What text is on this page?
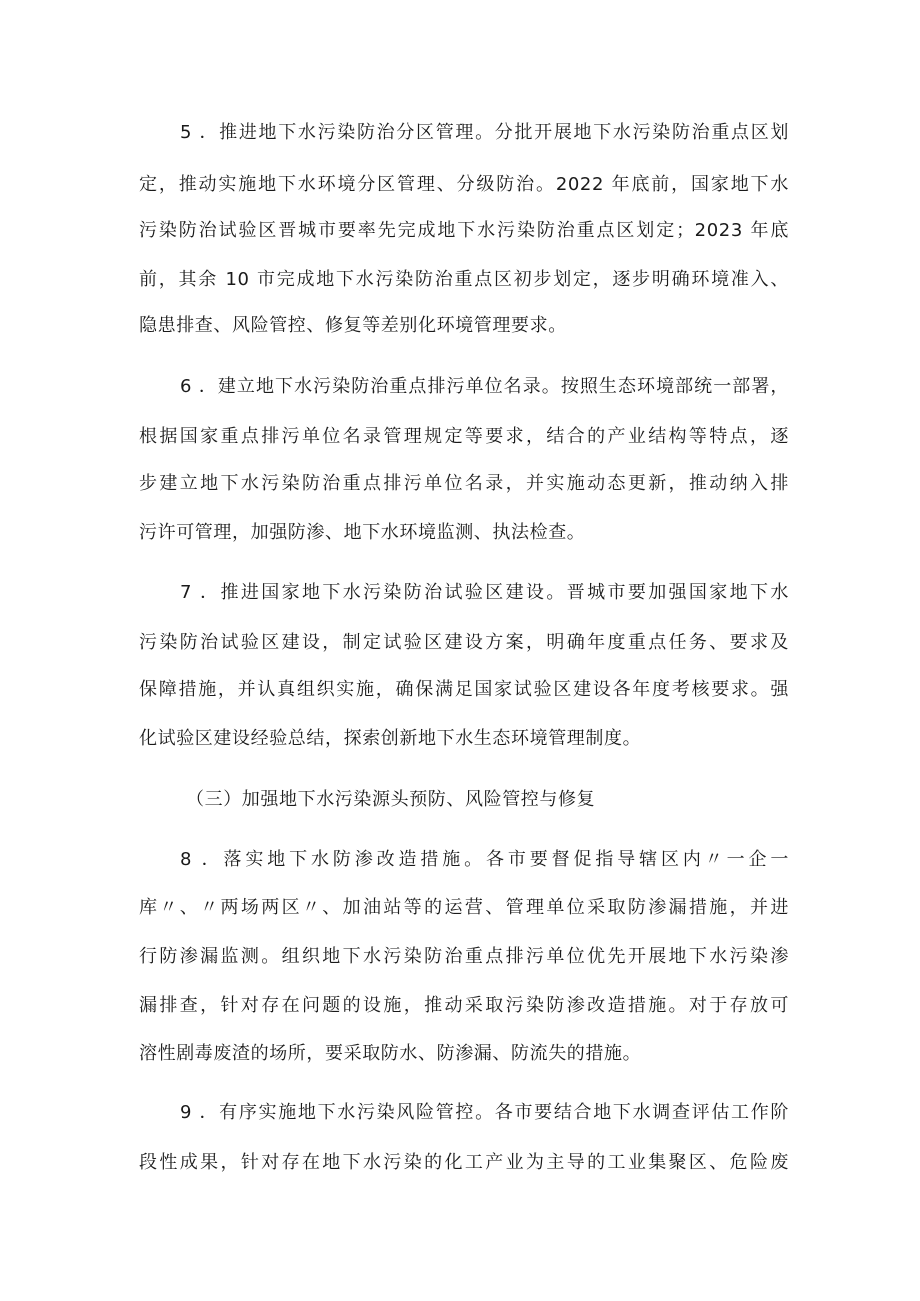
5 ．推进地下水污染防治分区管理。分批开展地下水污染防治重点区划
定，推动实施地下水环境分区管理、分级防治。2022 年底前，国家地下水
污染防治试验区晋城市要率先完成地下水污染防治重点区划定；2023 年底
前，其余 10 市完成地下水污染防治重点区初步划定，逐步明确环境准入、
隐患排查、风险管控、修复等差别化环境管理要求。
6 ．建立地下水污染防治重点排污单位名录。按照生态环境部统一部署，
根据国家重点排污单位名录管理规定等要求，结合的产业结构等特点，逐
步建立地下水污染防治重点排污单位名录，并实施动态更新，推动纳入排
污许可管理，加强防渗、地下水环境监测、执法检查。
7 ．推进国家地下水污染防治试验区建设。晋城市要加强国家地下水
污染防治试验区建设，制定试验区建设方案，明确年度重点任务、要求及
保障措施，并认真组织实施，确保满足国家试验区建设各年度考核要求。强
化试验区建设经验总结，探索创新地下水生态环境管理制度。
（三）加强地下水污染源头预防、风险管控与修复
8 ．落实地下水防渗改造措施。各市要督促指导辖区内〃一企一
库〃、〃两场两区〃、加油站等的运营、管理单位采取防渗漏措施，并进
行防渗漏监测。组织地下水污染防治重点排污单位优先开展地下水污染渗
漏排查，针对存在问题的设施，推动采取污染防渗改造措施。对于存放可
溶性剧毒废渣的场所，要采取防水、防渗漏、防流失的措施。
9 ．有序实施地下水污染风险管控。各市要结合地下水调查评估工作阶
段性成果，针对存在地下水污染的化工产业为主导的工业集聚区、危险废
